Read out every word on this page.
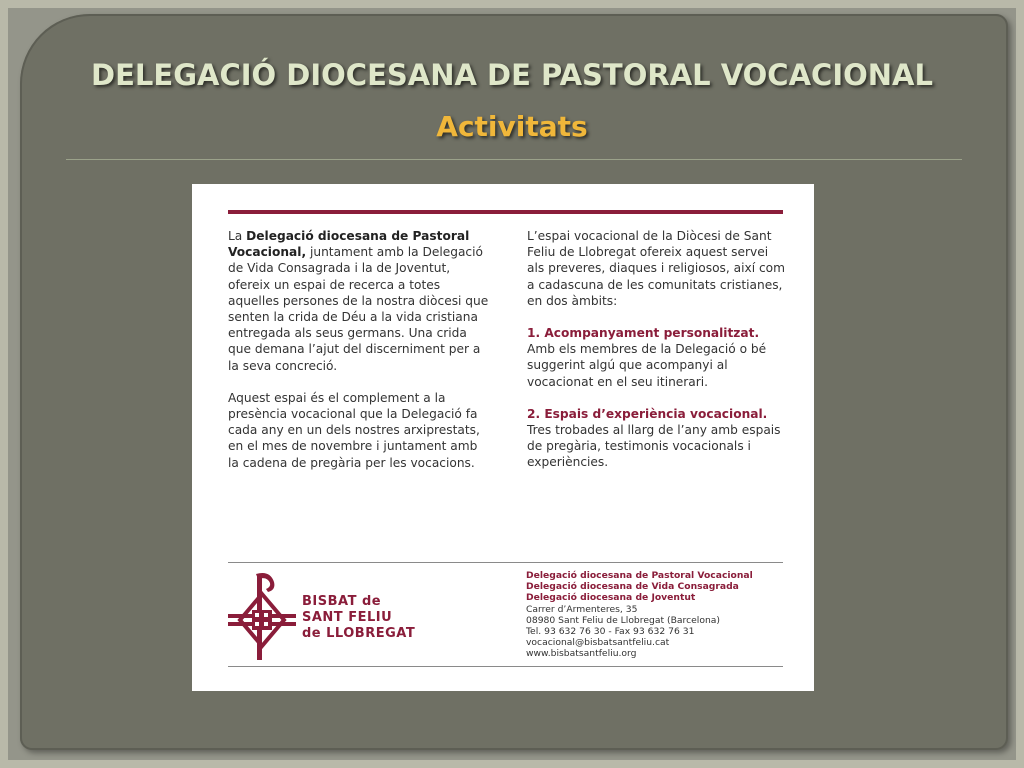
DELEGACIÓ DIOCESANA DE PASTORAL VOCACIONAL
Activitats

La Delegació diocesana de Pastoral Vocacional, juntament amb la Delegació de Vida Consagrada i la de Joventut, ofereix un espai de recerca a totes aquelles persones de la nostra diòcesi que senten la crida de Déu a la vida cristiana entregada als seus germans. Una crida que demana l’ajut del discerniment per a la seva concreció.

Aquest espai és el complement a la presència vocacional que la Delegació fa cada any en un dels nostres arxiprestats, en el mes de novembre i juntament amb la cadena de pregària per les vocacions.

L’espai vocacional de la Diòcesi de Sant Feliu de Llobregat ofereix aquest servei als preveres, diaques i religiosos, així com a cadascuna de les comunitats cristianes, en dos àmbits:

1. Acompanyament personalitzat.
Amb els membres de la Delegació o bé suggerint algú que acompanyi al vocacionat en el seu itinerari.

2. Espais d’experiència vocacional.
Tres trobades al llarg de l’any amb espais de pregària, testimonis vocacionals i experiències.

BISBAT de
SANT FELIU
de LLOBREGAT
Delegació diocesana de Pastoral Vocacional
Delegació diocesana de Vida Consagrada
Delegació diocesana de Joventut
Carrer d’Armenteres, 35
08980 Sant Feliu de Llobregat (Barcelona)
Tel. 93 632 76 30 - Fax 93 632 76 31
vocacional@bisbatsantfeliu.cat
www.bisbatsantfeliu.org
